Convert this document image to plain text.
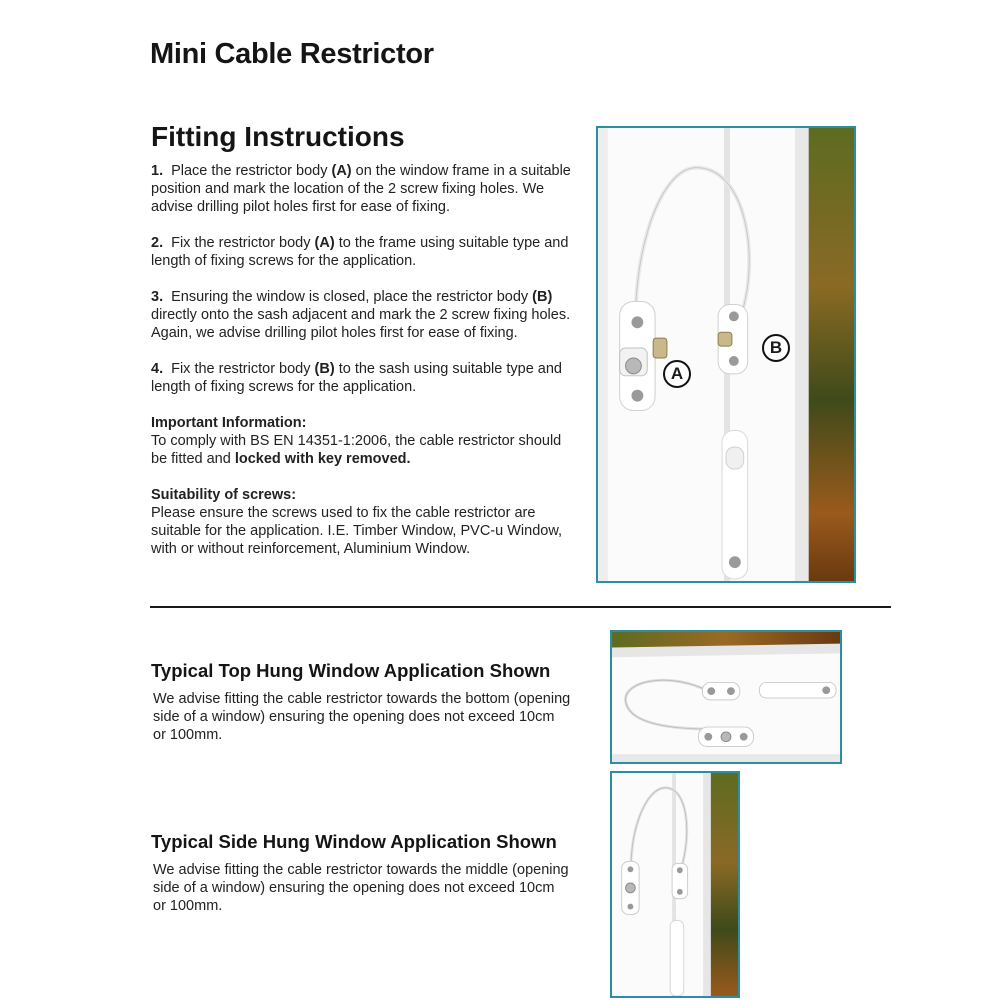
Mini Cable Restrictor
Fitting Instructions
1. Place the restrictor body (A) on the window frame in a suitable position and mark the location of the 2 screw fixing holes. We advise drilling pilot holes first for ease of fixing.
2. Fix the restrictor body (A) to the frame using suitable type and length of fixing screws for the application.
3. Ensuring the window is closed, place the restrictor body (B) directly onto the sash adjacent and mark the 2 screw fixing holes. Again, we advise drilling pilot holes first for ease of fixing.
4. Fix the restrictor body (B) to the sash using suitable type and length of fixing screws for the application.
Important Information:
To comply with BS EN 14351-1:2006, the cable restrictor should be fitted and locked with key removed.
Suitability of screws:
Please ensure the screws used to fix the cable restrictor are suitable for the application. I.E. Timber Window, PVC-u Window, with or without reinforcement, Aluminium Window.
A
B
Typical Top Hung Window Application Shown
We advise fitting the cable restrictor towards the bottom (opening side of a window) ensuring the opening does not exceed 10cm or 100mm.
Typical Side Hung Window Application Shown
We advise fitting the cable restrictor towards the middle (opening side of a window) ensuring the opening does not exceed 10cm or 100mm.
